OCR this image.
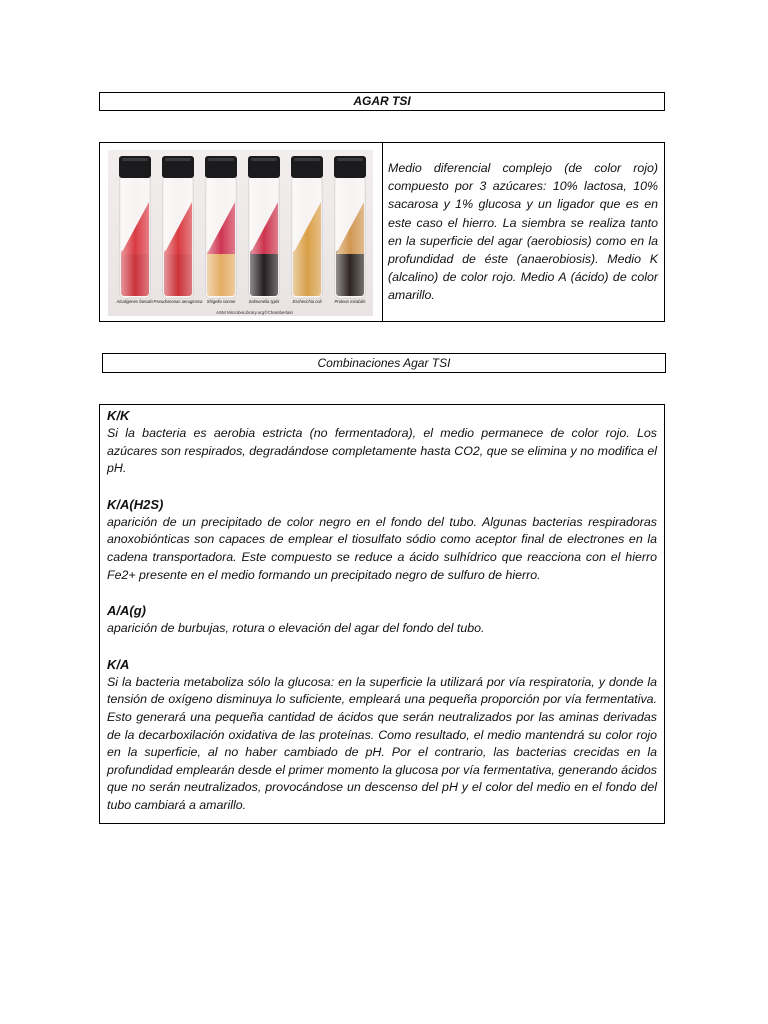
AGAR TSI
Alcaligenes faecalis Pseudomonas aeruginosa Shigella sonnei	Salmonella typhi	Escherichia coli	Proteus mirabilis
ASM MicrobeLibrary.org©Chamberlain
Medio diferencial complejo (de color rojo) compuesto por 3 azúcares: 10% lactosa, 10% sacarosa y 1% glucosa y un ligador que es en este caso el hierro. La siembra se realiza tanto en la superficie del agar (aerobiosis) como en la profundidad de éste (anaerobiosis). Medio K (alcalino) de color rojo. Medio A (ácido) de color amarillo.
Combinaciones Agar TSI
K/K
Si la bacteria es aerobia estricta (no fermentadora), el medio permanece de color rojo. Los azúcares son respirados, degradándose completamente hasta CO2, que se elimina y no modifica el pH.
K/A(H2S)
aparición de un precipitado de color negro en el fondo del tubo. Algunas bacterias respiradoras anoxobiónticas son capaces de emplear el tiosulfato sódio como aceptor final de electrones en la cadena transportadora. Este compuesto se reduce a ácido sulhídrico que reacciona con el hierro Fe2+ presente en el medio formando un precipitado negro de sulfuro de hierro.
A/A(g)
aparición de burbujas, rotura o elevación del agar del fondo del tubo.
K/A
Si la bacteria metaboliza sólo la glucosa: en la superficie la utilizará por vía respiratoria, y donde la tensión de oxígeno disminuya lo suficiente, empleará una pequeña proporción por vía fermentativa. Esto generará una pequeña cantidad de ácidos que serán neutralizados por las aminas derivadas de la decarboxilación oxidativa de las proteínas. Como resultado, el medio mantendrá su color rojo en la superficie, al no haber cambiado de pH. Por el contrario, las bacterias crecidas en la profundidad emplearán desde el primer momento la glucosa por vía fermentativa, generando ácidos que no serán neutralizados, provocándose un descenso del pH y el color del medio en el fondo del tubo cambiará a amarillo.
